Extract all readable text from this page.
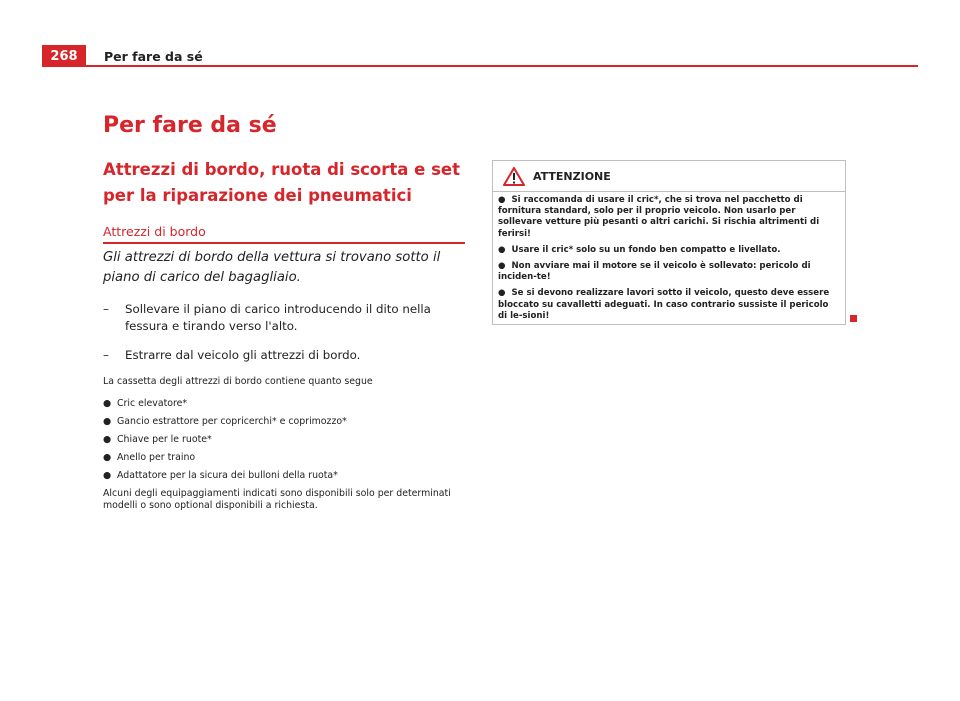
268	Per fare da sé
Per fare da sé
Attrezzi di bordo, ruota di scorta e set per la riparazione dei pneumatici
Attrezzi di bordo

Gli attrezzi di bordo della vettura si trovano sotto il piano di carico del bagagliaio.

– Sollevare il piano di carico introducendo il dito nella fessura e tirando verso l'alto.
– Estrarre dal veicolo gli attrezzi di bordo.

La cassetta degli attrezzi di bordo contiene quanto segue

● Cric elevatore*
● Gancio estrattore per copricerchi* e coprimozzo*
● Chiave per le ruote*
● Anello per traino
● Adattatore per la sicura dei bulloni della ruota*

Alcuni degli equipaggiamenti indicati sono disponibili solo per determinati modelli o sono optional disponibili a richiesta.

ATTENZIONE

● Si raccomanda di usare il cric*, che si trova nel pacchetto di fornitura standard, solo per il proprio veicolo. Non usarlo per sollevare vetture più pesanti o altri carichi. Si rischia altrimenti di ferirsi!

● Usare il cric* solo su un fondo ben compatto e livellato.

● Non avviare mai il motore se il veicolo è sollevato: pericolo di inciden-te!

● Se si devono realizzare lavori sotto il veicolo, questo deve essere bloccato su cavalletti adeguati. In caso contrario sussiste il pericolo di le-sioni!
